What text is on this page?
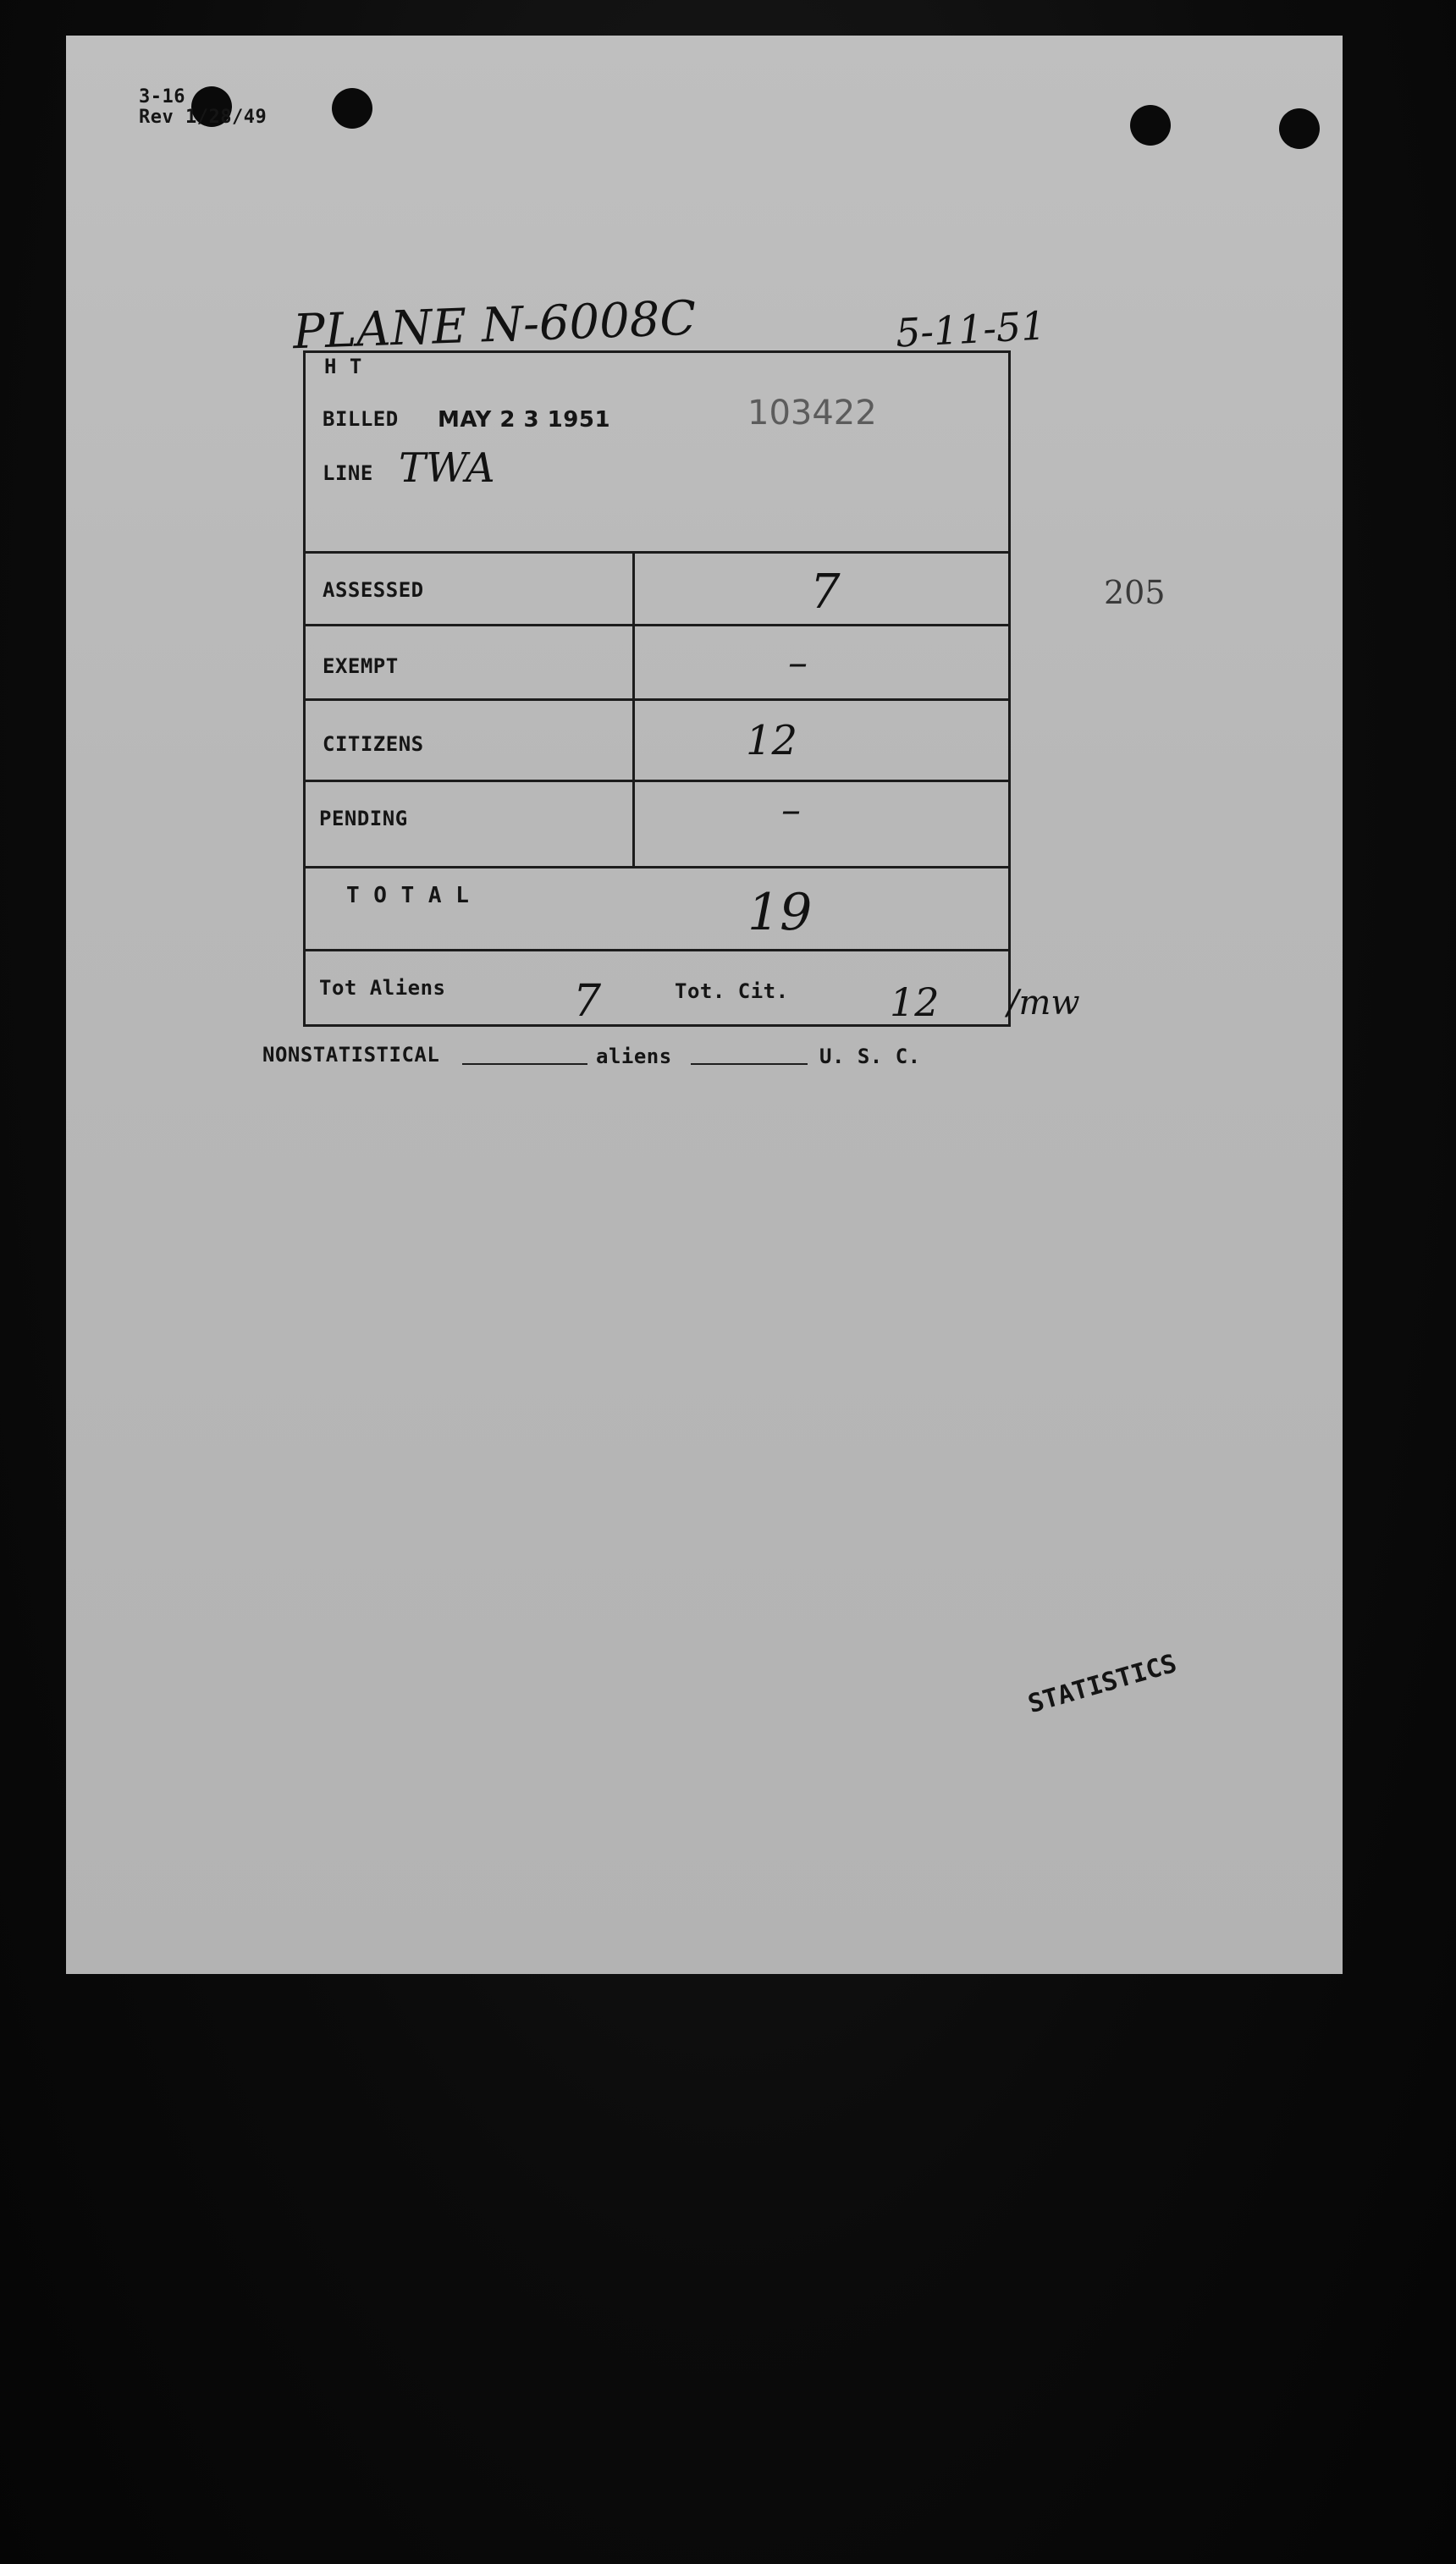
3-16
Rev 1/28/49
PLANE N-6008C	5-11-51
205
H T
BILLED MAY 2 3 1951	103422
LINE TWA
ASSESSED	7
EXEMPT	–
CITIZENS	12
PENDING	–
T O T A L	19
Tot Aliens	7	Tot. Cit.	12 /mw
NONSTATISTICAL	aliens	U. S. C.
STATISTICS
